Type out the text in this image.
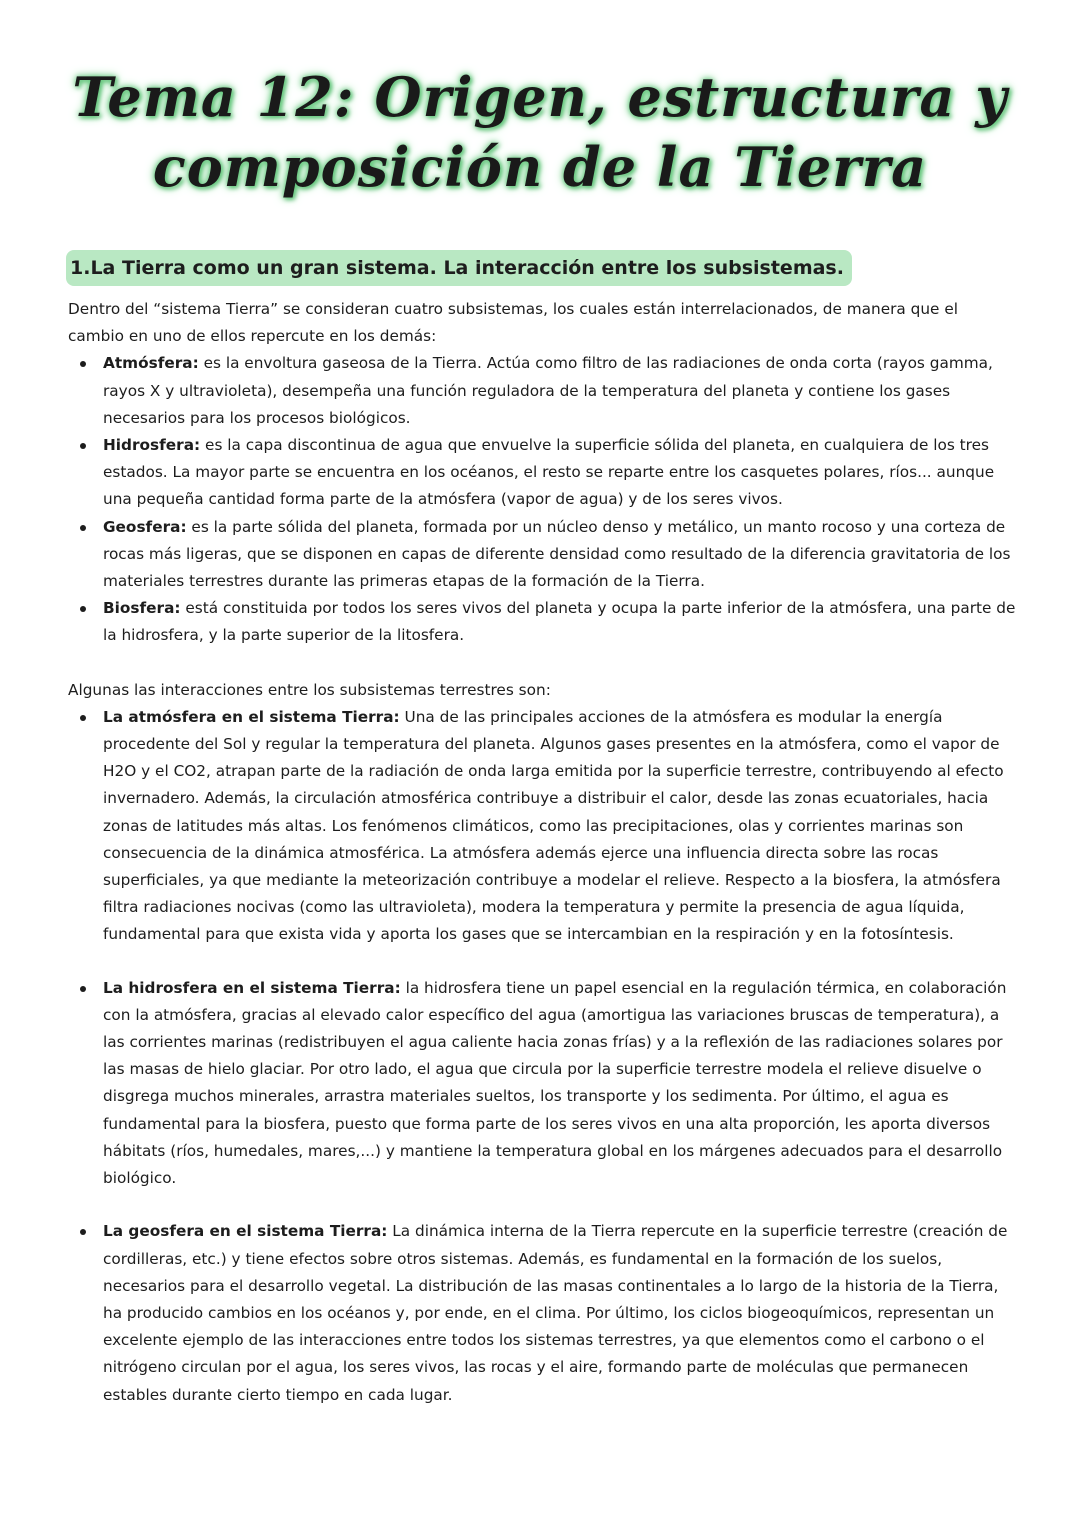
Tema 12: Origen, estructura y
composición de la Tierra
1.La Tierra como un gran sistema. La interacción entre los subsistemas.

Dentro del “sistema Tierra” se consideran cuatro subsistemas, los cuales están interrelacionados, de manera que el cambio en uno de ellos repercute en los demás:

Atmósfera: es la envoltura gaseosa de la Tierra. Actúa como filtro de las radiaciones de onda corta (rayos gamma, rayos X y ultravioleta), desempeña una función reguladora de la temperatura del planeta y contiene los gases necesarios para los procesos biológicos.
Hidrosfera: es la capa discontinua de agua que envuelve la superficie sólida del planeta, en cualquiera de los tres estados. La mayor parte se encuentra en los océanos, el resto se reparte entre los casquetes polares, ríos... aunque una pequeña cantidad forma parte de la atmósfera (vapor de agua) y de los seres vivos.
Geosfera: es la parte sólida del planeta, formada por un núcleo denso y metálico, un manto rocoso y una corteza de rocas más ligeras, que se disponen en capas de diferente densidad como resultado de la diferencia gravitatoria de los materiales terrestres durante las primeras etapas de la formación de la Tierra.
Biosfera: está constituida por todos los seres vivos del planeta y ocupa la parte inferior de la atmósfera, una parte de la hidrosfera, y la parte superior de la litosfera.

Algunas las interacciones entre los subsistemas terrestres son:

La atmósfera en el sistema Tierra: Una de las principales acciones de la atmósfera es modular la energía procedente del Sol y regular la temperatura del planeta. Algunos gases presentes en la atmósfera, como el vapor de H2O y el CO2, atrapan parte de la radiación de onda larga emitida por la superficie terrestre, contribuyendo al efecto invernadero. Además, la circulación atmosférica contribuye a distribuir el calor, desde las zonas ecuatoriales, hacia zonas de latitudes más altas. Los fenómenos climáticos, como las precipitaciones, olas y corrientes marinas son consecuencia de la dinámica atmosférica. La atmósfera además ejerce una influencia directa sobre las rocas superficiales, ya que mediante la meteorización contribuye a modelar el relieve. Respecto a la biosfera, la atmósfera filtra radiaciones nocivas (como las ultravioleta), modera la temperatura y permite la presencia de agua líquida, fundamental para que exista vida y aporta los gases que se intercambian en la respiración y en la fotosíntesis.
La hidrosfera en el sistema Tierra: la hidrosfera tiene un papel esencial en la regulación térmica, en colaboración con la atmósfera, gracias al elevado calor específico del agua (amortigua las variaciones bruscas de temperatura), a las corrientes marinas (redistribuyen el agua caliente hacia zonas frías) y a la reflexión de las radiaciones solares por las masas de hielo glaciar. Por otro lado, el agua que circula por la superficie terrestre modela el relieve disuelve o disgrega muchos minerales, arrastra materiales sueltos, los transporte y los sedimenta. Por último, el agua es fundamental para la biosfera, puesto que forma parte de los seres vivos en una alta proporción, les aporta diversos hábitats (ríos, humedales, mares,...) y mantiene la temperatura global en los márgenes adecuados para el desarrollo biológico.
La geosfera en el sistema Tierra: La dinámica interna de la Tierra repercute en la superficie terrestre (creación de cordilleras, etc.) y tiene efectos sobre otros sistemas. Además, es fundamental en la formación de los suelos, necesarios para el desarrollo vegetal. La distribución de las masas continentales a lo largo de la historia de la Tierra, ha producido cambios en los océanos y, por ende, en el clima. Por último, los ciclos biogeoquímicos, representan un excelente ejemplo de las interacciones entre todos los sistemas terrestres, ya que elementos como el carbono o el nitrógeno circulan por el agua, los seres vivos, las rocas y el aire, formando parte de moléculas que permanecen estables durante cierto tiempo en cada lugar.
